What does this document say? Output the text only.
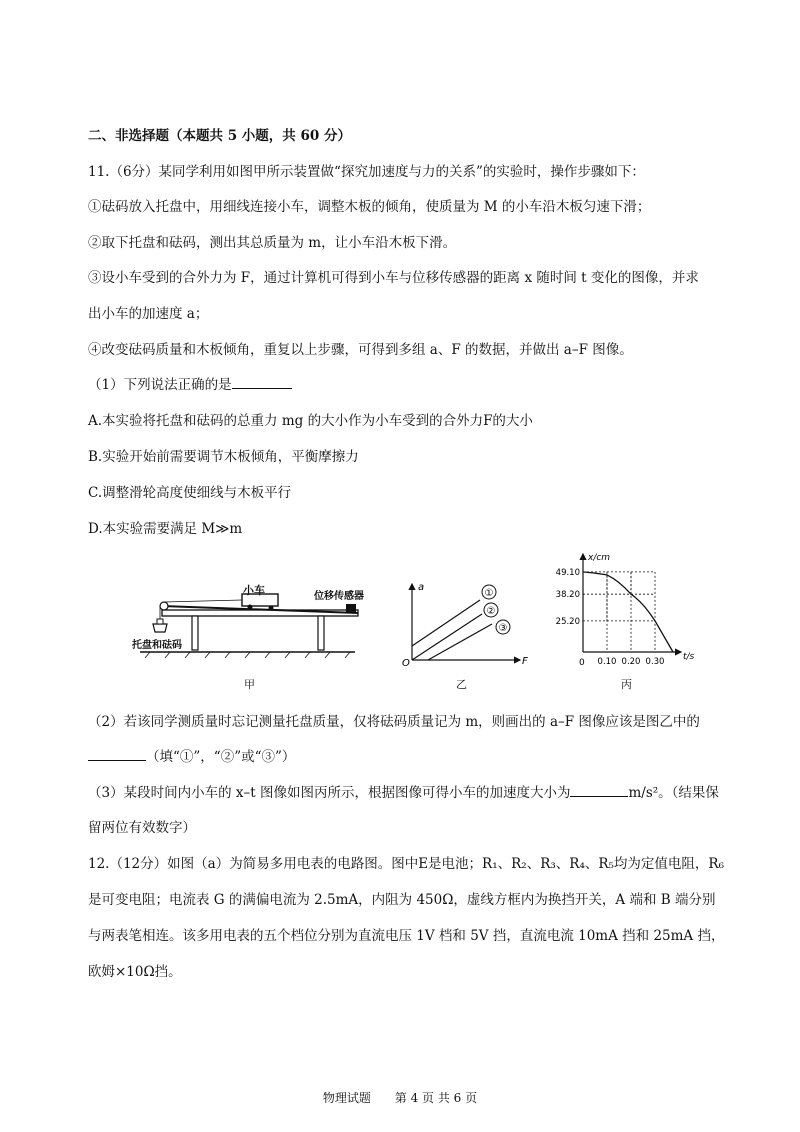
二、非选择题（本题共 5 小题，共 60 分）
11.（6分）某同学利用如图甲所示装置做“探究加速度与力的关系”的实验时，操作步骤如下：
①砝码放入托盘中，用细线连接小车，调整木板的倾角，使质量为 M 的小车沿木板匀速下滑；
②取下托盘和砝码，测出其总质量为 m，让小车沿木板下滑。
③设小车受到的合外力为 F，通过计算机可得到小车与位移传感器的距离 x 随时间 t 变化的图像，并求
出小车的加速度 a；
④改变砝码质量和木板倾角，重复以上步骤，可得到多组 a、F 的数据，并做出 a–F 图像。
（1）下列说法正确的是
A.本实验将托盘和砝码的总重力 mg 的大小作为小车受到的合外力F的大小
B.实验开始前需要调节木板倾角，平衡摩擦力
C.调整滑轮高度使细线与木板平行
D.本实验需要满足 M≫m
小车	位移传感器
托盘和砝码
甲
①
②
③
a
F
O
乙
49.10
38.20
25.20
0.10 0.20 0.30
x/cm
t/s
0
丙
（2）若该同学测质量时忘记测量托盘质量，仅将砝码质量记为 m，则画出的 a–F 图像应该是图乙中的
（填“①”，“②”或“③”）
（3）某段时间内小车的 x–t 图像如图丙所示，根据图像可得小车的加速度大小为	m/s²。（结果保
留两位有效数字）
12.（12分）如图（a）为简易多用电表的电路图。图中E是电池；R₁、R₂、R₃、R₄、R₅均为定值电阻，R₆
是可变电阻；电流表 G 的满偏电流为 2.5mA，内阻为 450Ω，虚线方框内为换挡开关，A 端和 B 端分别
与两表笔相连。该多用电表的五个档位分别为直流电压 1V 档和 5V 挡，直流电流 10mA 挡和 25mA 挡，
欧姆×10Ω挡。
物理试题 第 4 页 共 6 页
